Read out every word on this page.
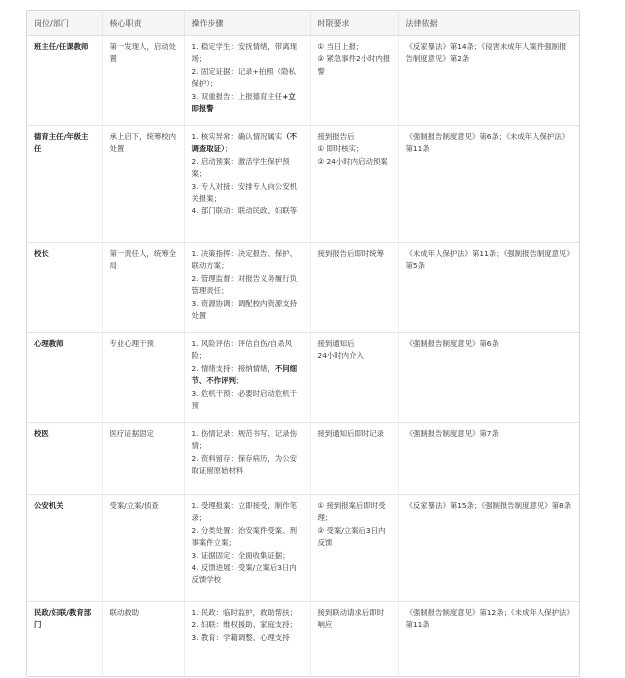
岗位/部门	核心职责	操作步骤	时限要求	法律依据
班主任/任课教师	第一发现人，启动处置	1. 稳定学生：安抚情绪，带离现场；
2. 固定证据：记录+拍照（隐私保护）；
3. 双重报告：上报德育主任+立即报警	① 当日上报；
② 紧急事件2小时内报警	《反家暴法》第14条；《侵害未成年人案件强制报告制度意见》第2条
德育主任/年级主任	承上启下，统筹校内处置	1. 核实异常：确认情况属实（不调查取证）；
2. 启动预案：激活学生保护预案；
3. 专人对接：安排专人向公安机关报案；
4. 部门联动：联动民政、妇联等	接到报告后
① 即时核实；
② 24小时内启动预案	《强制报告制度意见》第6条；《未成年人保护法》第11条
校长	第一责任人，统筹全局	1. 决策指挥：决定报告、保护、联动方案；
2. 管理监督：对报告义务履行负管理责任；
3. 资源协调：调配校内资源支持处置	接到报告后即时统筹	《未成年人保护法》第11条；《强制报告制度意见》第5条
心理教师	专业心理干预	1. 风险评估：评估自伤/自杀风险；
2. 情绪支持：接纳情绪，不问细节、不作评判；
3. 危机干预：必要时启动危机干预	接到通知后
24小时内介入	《强制报告制度意见》第6条
校医	医疗证据固定	1. 伤情记录：规范书写、记录伤情；
2. 资料留存：保存病历，为公安取证留原始材料	接到通知后即时记录	《强制报告制度意见》第7条
公安机关	受案/立案/侦查	1. 受理报案：立即接受，制作笔录；
2. 分类处置：治安案件受案、刑事案件立案；
3. 证据固定：全面收集证据；
4. 反馈进展：受案/立案后3日内反馈学校	① 接到报案后即时受理；
② 受案/立案后3日内反馈	《反家暴法》第15条；《强制报告制度意见》第8条
民政/妇联/教育部门	联动救助	1. 民政：临时监护，救助帮扶；
2. 妇联：维权援助、家庭支持；
3. 教育：学籍调整、心理支持	接到联动请求后即时响应	《强制报告制度意见》第12条；《未成年人保护法》第11条
